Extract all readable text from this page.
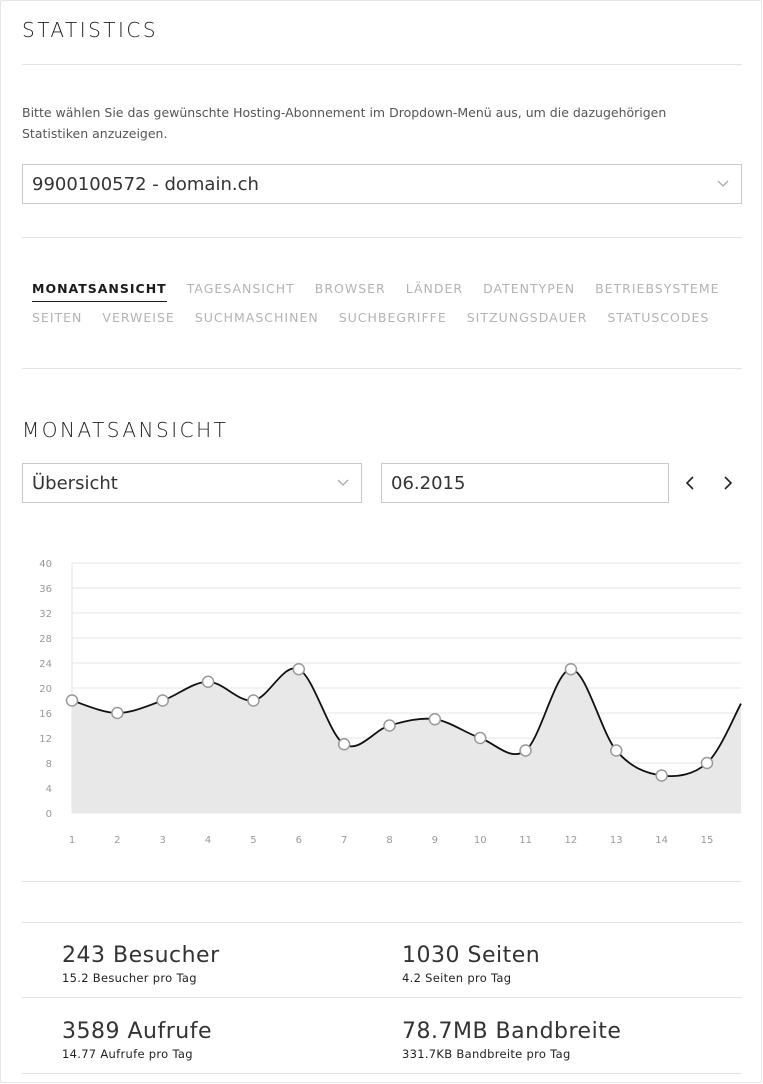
STATISTICS
Bitte wählen Sie das gewünschte Hosting-Abonnement im Dropdown-Menü aus, um die dazugehörigen Statistiken anzuzeigen.
9900100572 - domain.ch
MONATSANSICHT TAGESANSICHT BROWSER LÄNDER DATENTYPEN BETRIEBSYSTEME
SEITEN VERWEISE SUCHMASCHINEN SUCHBEGRIFFE SITZUNGSDAUER STATUSCODES
MONATSANSICHT
Übersicht	06.2015
0
4
8
12
16
20
24
28
32
36
40
1	2	3	4	5	6	7	8	9	10	11	12	13	14	15
243 Besucher
15.2 Besucher pro Tag
1030 Seiten
4.2 Seiten pro Tag
3589 Aufrufe
14.77 Aufrufe pro Tag
78.7MB Bandbreite
331.7KB Bandbreite pro Tag
